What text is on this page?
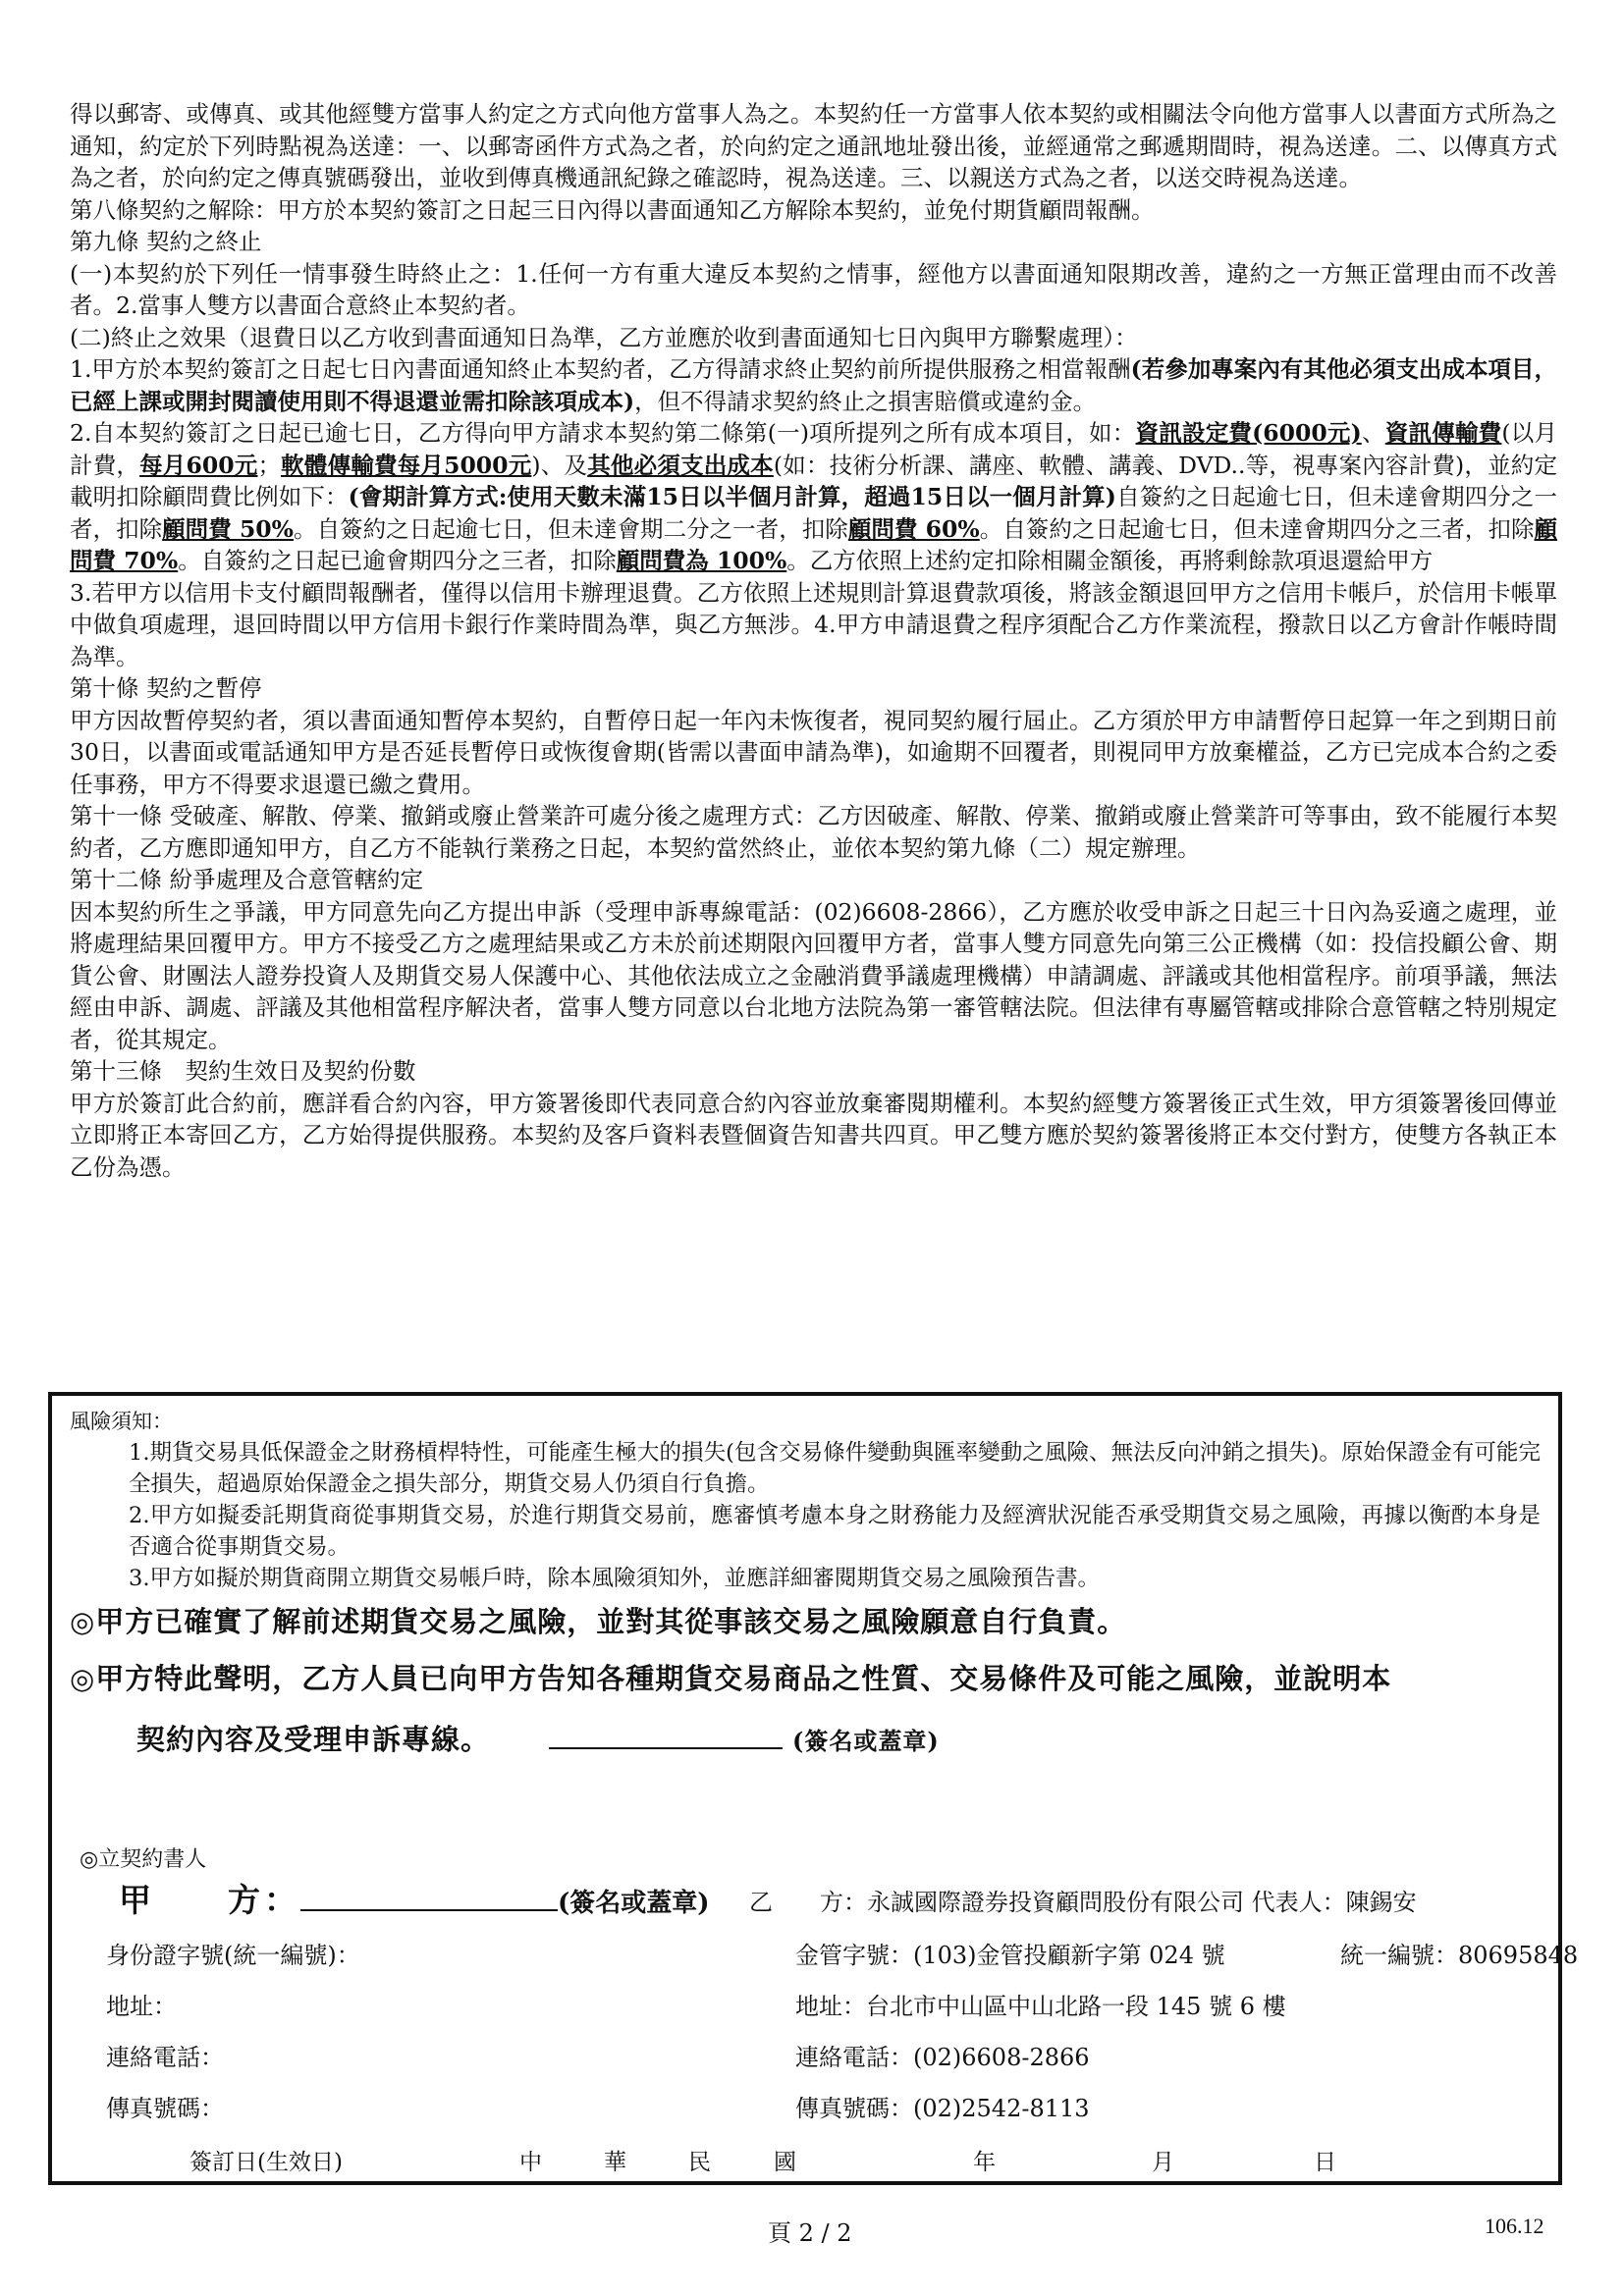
得以郵寄、或傳真、或其他經雙方當事人約定之方式向他方當事人為之。本契約任一方當事人依本契約或相關法令向他方當事人以書面方式所為之通知，約定於下列時點視為送達：一、以郵寄函件方式為之者，於向約定之通訊地址發出後，並經通常之郵遞期間時，視為送達。二、以傳真方式為之者，於向約定之傳真號碼發出，並收到傳真機通訊紀錄之確認時，視為送達。三、以親送方式為之者，以送交時視為送達。

第八條契約之解除：甲方於本契約簽訂之日起三日內得以書面通知乙方解除本契約，並免付期貨顧問報酬。

第九條 契約之終止

(一)本契約於下列任一情事發生時終止之：1.任何一方有重大違反本契約之情事，經他方以書面通知限期改善，違約之一方無正當理由而不改善者。2.當事人雙方以書面合意終止本契約者。

(二)終止之效果（退費日以乙方收到書面通知日為準，乙方並應於收到書面通知七日內與甲方聯繫處理）：

1.甲方於本契約簽訂之日起七日內書面通知終止本契約者，乙方得請求終止契約前所提供服務之相當報酬(若參加專案內有其他必須支出成本項目，已經上課或開封閱讀使用則不得退還並需扣除該項成本)，但不得請求契約終止之損害賠償或違約金。

2.自本契約簽訂之日起已逾七日，乙方得向甲方請求本契約第二條第(一)項所提列之所有成本項目，如：資訊設定費(6000元)、資訊傳輸費(以月計費，每月600元；軟體傳輸費每月5000元)、及其他必須支出成本(如：技術分析課、講座、軟體、講義、DVD..等，視專案內容計費)，並約定載明扣除顧問費比例如下：(會期計算方式:使用天數未滿15日以半個月計算，超過15日以一個月計算)自簽約之日起逾七日，但未達會期四分之一者，扣除顧問費 50%。自簽約之日起逾七日，但未達會期二分之一者，扣除顧問費 60%。自簽約之日起逾七日，但未達會期四分之三者，扣除顧問費 70%。自簽約之日起已逾會期四分之三者，扣除顧問費為 100%。乙方依照上述約定扣除相關金額後，再將剩餘款項退還給甲方

3.若甲方以信用卡支付顧問報酬者，僅得以信用卡辦理退費。乙方依照上述規則計算退費款項後，將該金額退回甲方之信用卡帳戶，於信用卡帳單中做負項處理，退回時間以甲方信用卡銀行作業時間為準，與乙方無涉。4.甲方申請退費之程序須配合乙方作業流程，撥款日以乙方會計作帳時間為準。

第十條 契約之暫停

甲方因故暫停契約者，須以書面通知暫停本契約，自暫停日起一年內未恢復者，視同契約履行屆止。乙方須於甲方申請暫停日起算一年之到期日前30日，以書面或電話通知甲方是否延長暫停日或恢復會期(皆需以書面申請為準)，如逾期不回覆者，則視同甲方放棄權益，乙方已完成本合約之委任事務，甲方不得要求退還已繳之費用。

第十一條 受破產、解散、停業、撤銷或廢止營業許可處分後之處理方式：乙方因破產、解散、停業、撤銷或廢止營業許可等事由，致不能履行本契約者，乙方應即通知甲方，自乙方不能執行業務之日起，本契約當然終止，並依本契約第九條（二）規定辦理。

第十二條 紛爭處理及合意管轄約定

因本契約所生之爭議，甲方同意先向乙方提出申訴（受理申訴專線電話：(02)6608-2866），乙方應於收受申訴之日起三十日內為妥適之處理，並將處理結果回覆甲方。甲方不接受乙方之處理結果或乙方未於前述期限內回覆甲方者，當事人雙方同意先向第三公正機構（如：投信投顧公會、期貨公會、財團法人證券投資人及期貨交易人保護中心、其他依法成立之金融消費爭議處理機構）申請調處、評議或其他相當程序。前項爭議，無法經由申訴、調處、評議及其他相當程序解決者，當事人雙方同意以台北地方法院為第一審管轄法院。但法律有專屬管轄或排除合意管轄之特別規定者，從其規定。

第十三條　契約生效日及契約份數

甲方於簽訂此合約前，應詳看合約內容，甲方簽署後即代表同意合約內容並放棄審閱期權利。本契約經雙方簽署後正式生效，甲方須簽署後回傳並立即將正本寄回乙方，乙方始得提供服務。本契約及客戶資料表暨個資告知書共四頁。甲乙雙方應於契約簽署後將正本交付對方，使雙方各執正本乙份為憑。

風險須知：
1.期貨交易具低保證金之財務槓桿特性，可能產生極大的損失(包含交易條件變動與匯率變動之風險、無法反向沖銷之損失)。原始保證金有可能完全損失，超過原始保證金之損失部分，期貨交易人仍須自行負擔。
2.甲方如擬委託期貨商從事期貨交易，於進行期貨交易前，應審慎考慮本身之財務能力及經濟狀況能否承受期貨交易之風險，再據以衡酌本身是否適合從事期貨交易。
3.甲方如擬於期貨商開立期貨交易帳戶時，除本風險須知外，並應詳細審閱期貨交易之風險預告書。
◎甲方已確實了解前述期貨交易之風險，並對其從事該交易之風險願意自行負責。
◎甲方特此聲明，乙方人員已向甲方告知各種期貨交易商品之性質、交易條件及可能之風險，並說明本
契約內容及受理申訴專線。	(簽名或蓋章)
◎立契約書人
甲　　方：	(簽名或蓋章) 乙　　方：永誠國際證券投資顧問股份有限公司 代表人：陳錫安
身份證字號(統一編號)：	金管字號：(103)金管投顧新字第 024 號	統一編號：80695848
地址：	地址：台北市中山區中山北路一段 145 號 6 樓
連絡電話：	連絡電話：(02)6608-2866
傳真號碼：	傳真號碼：(02)2542-8113
簽訂日(生效日)	中	華	民	國	年	月	日
頁 2 / 2	106.12
